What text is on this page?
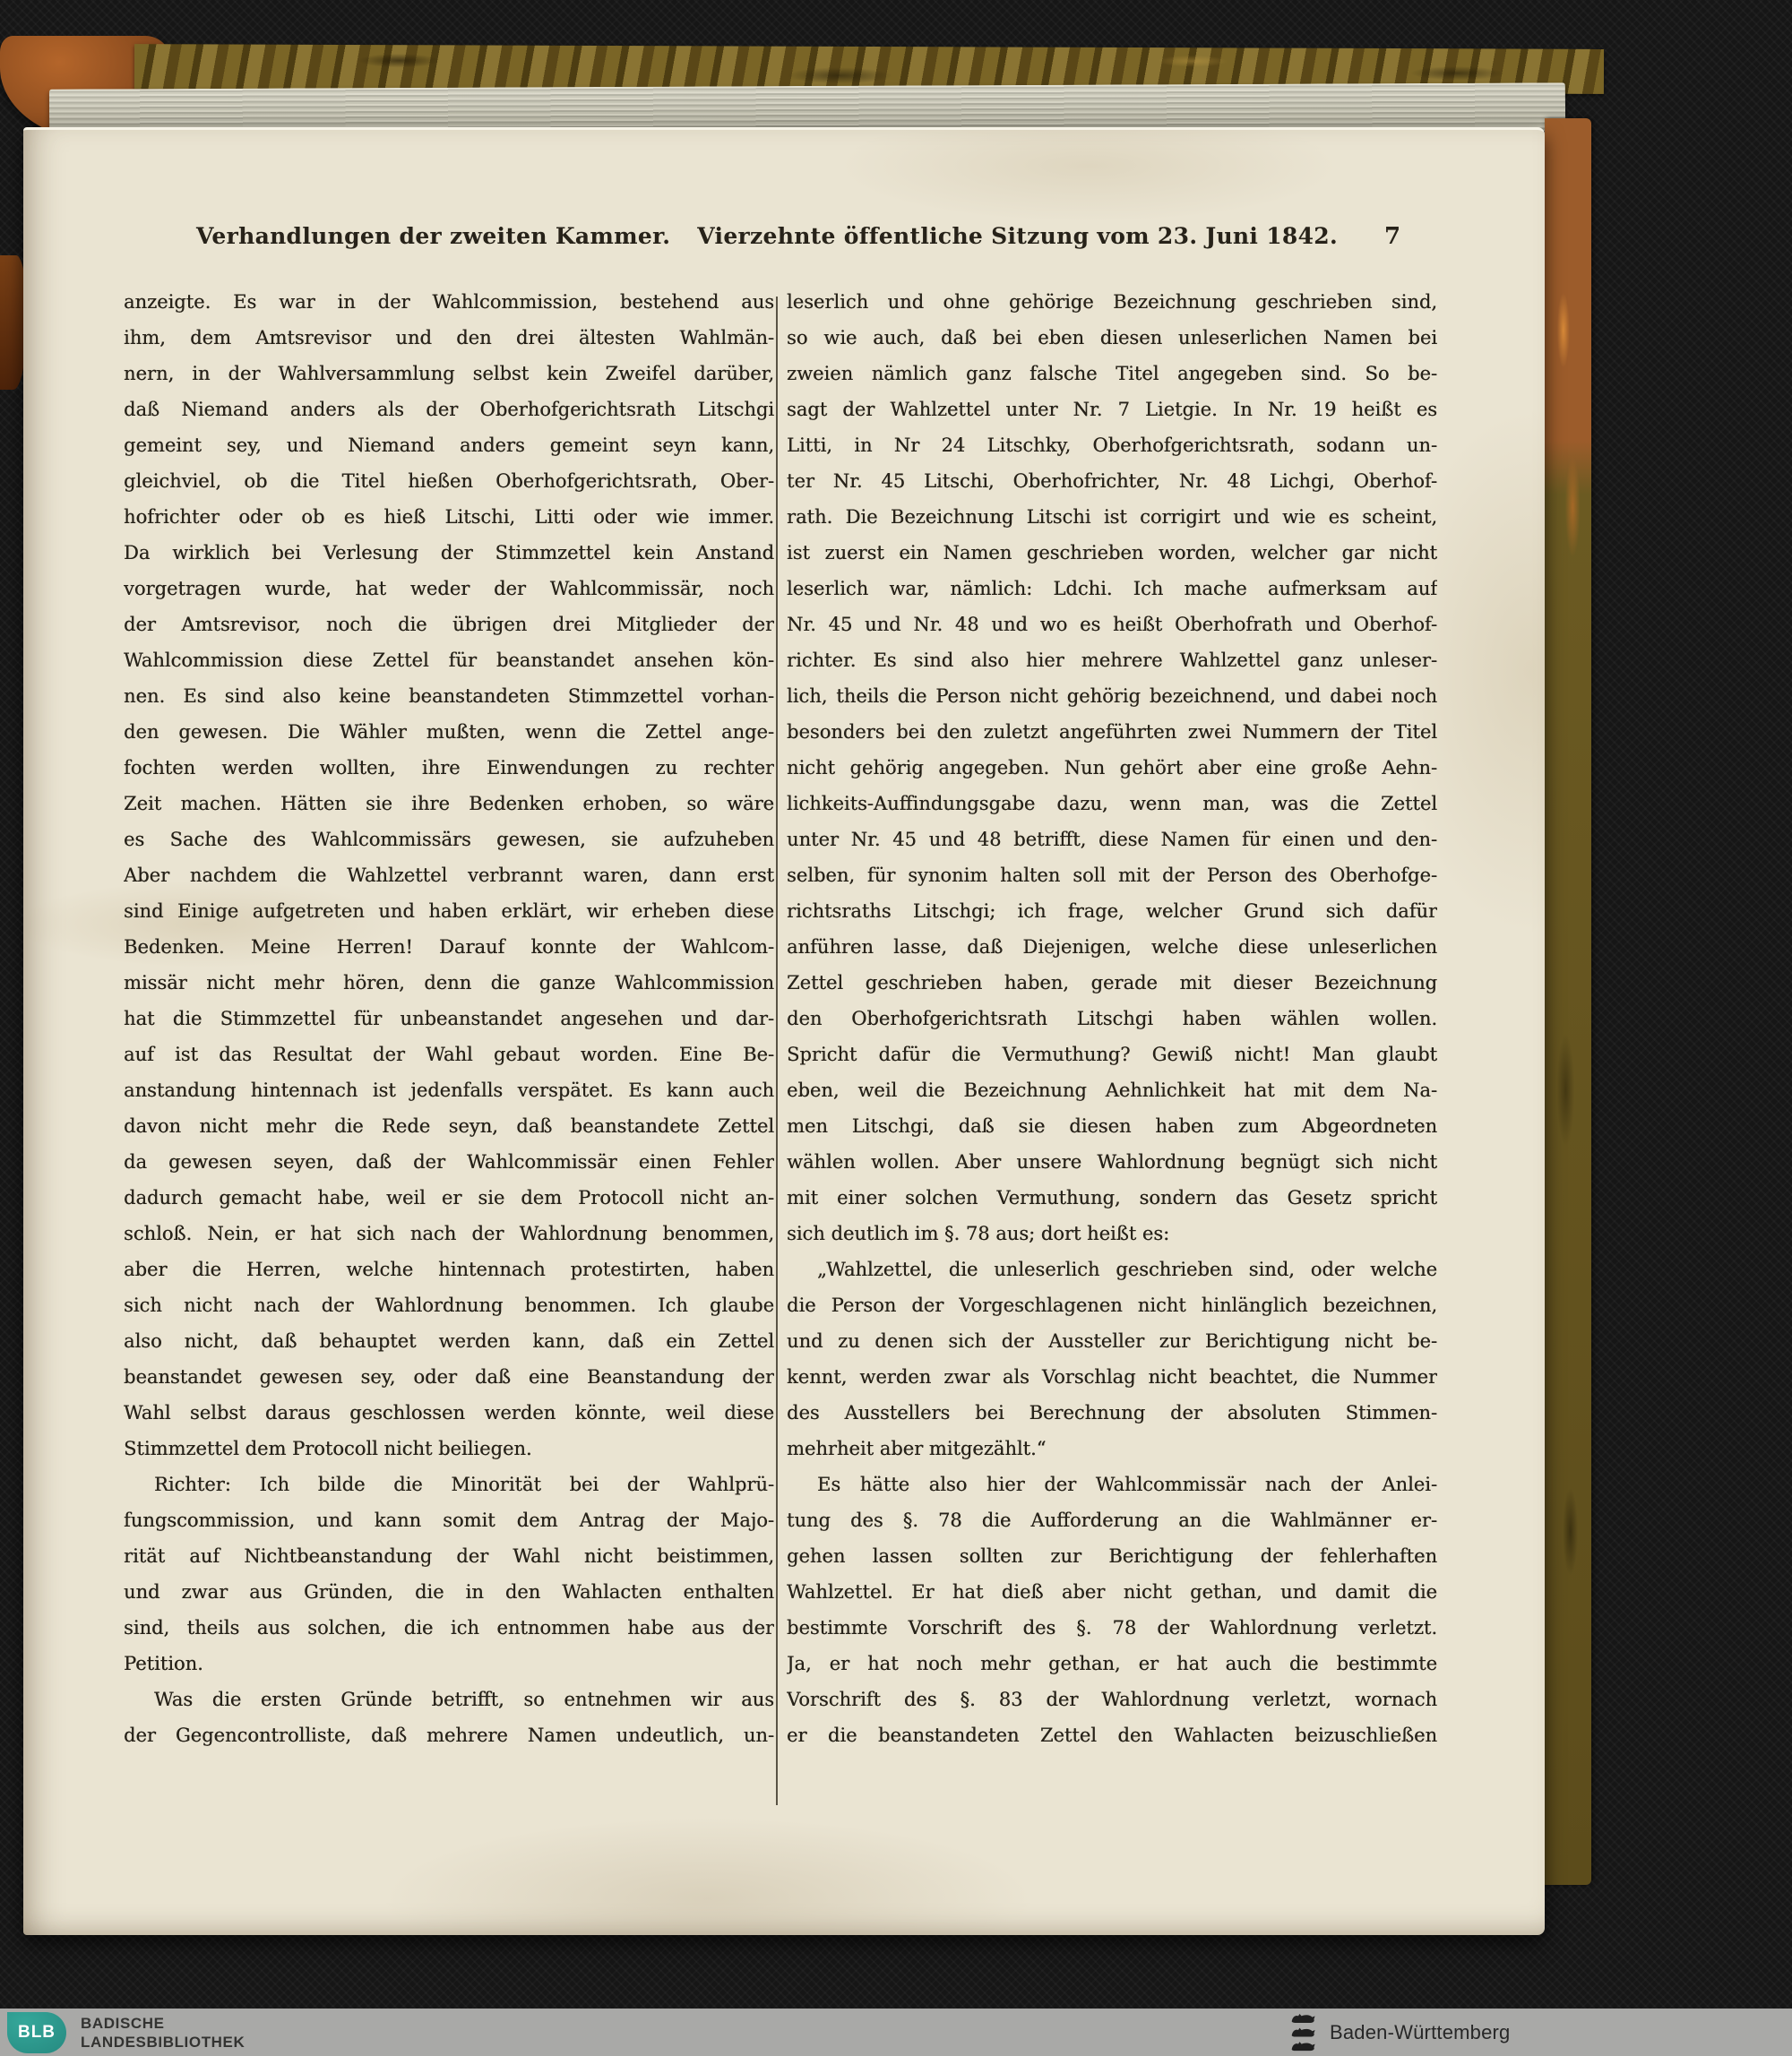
Verhandlungen der zweiten Kammer. Vierzehnte öffentliche Sitzung vom 23. Juni 1842.	7
anzeigte. Es war in der Wahlcommission, bestehend aus
ihm, dem Amtsrevisor und den drei ältesten Wahlmän-
nern, in der Wahlversammlung selbst kein Zweifel darüber,
daß Niemand anders als der Oberhofgerichtsrath Litschgi
gemeint sey, und Niemand anders gemeint seyn kann,
gleichviel, ob die Titel hießen Oberhofgerichtsrath, Ober-
hofrichter oder ob es hieß Litschi, Litti oder wie immer.
Da wirklich bei Verlesung der Stimmzettel kein Anstand
vorgetragen wurde, hat weder der Wahlcommissär, noch
der Amtsrevisor, noch die übrigen drei Mitglieder der
Wahlcommission diese Zettel für beanstandet ansehen kön-
nen. Es sind also keine beanstandeten Stimmzettel vorhan-
den gewesen. Die Wähler mußten, wenn die Zettel ange-
fochten werden wollten, ihre Einwendungen zu rechter
Zeit machen. Hätten sie ihre Bedenken erhoben, so wäre
es Sache des Wahlcommissärs gewesen, sie aufzuheben
Aber nachdem die Wahlzettel verbrannt waren, dann erst
sind Einige aufgetreten und haben erklärt, wir erheben diese
Bedenken. Meine Herren! Darauf konnte der Wahlcom-
missär nicht mehr hören, denn die ganze Wahlcommission
hat die Stimmzettel für unbeanstandet angesehen und dar-
auf ist das Resultat der Wahl gebaut worden. Eine Be-
anstandung hintennach ist jedenfalls verspätet. Es kann auch
davon nicht mehr die Rede seyn, daß beanstandete Zettel
da gewesen seyen, daß der Wahlcommissär einen Fehler
dadurch gemacht habe, weil er sie dem Protocoll nicht an-
schloß. Nein, er hat sich nach der Wahlordnung benommen,
aber die Herren, welche hintennach protestirten, haben
sich nicht nach der Wahlordnung benommen. Ich glaube
also nicht, daß behauptet werden kann, daß ein Zettel
beanstandet gewesen sey, oder daß eine Beanstandung der
Wahl selbst daraus geschlossen werden könnte, weil diese
Stimmzettel dem Protocoll nicht beiliegen.
Richter: Ich bilde die Minorität bei der Wahlprü-
fungscommission, und kann somit dem Antrag der Majo-
rität auf Nichtbeanstandung der Wahl nicht beistimmen,
und zwar aus Gründen, die in den Wahlacten enthalten
sind, theils aus solchen, die ich entnommen habe aus der
Petition.
Was die ersten Gründe betrifft, so entnehmen wir aus
der Gegencontrolliste, daß mehrere Namen undeutlich, un-
leserlich und ohne gehörige Bezeichnung geschrieben sind,
so wie auch, daß bei eben diesen unleserlichen Namen bei
zweien nämlich ganz falsche Titel angegeben sind. So be-
sagt der Wahlzettel unter Nr. 7 Lietgie. In Nr. 19 heißt es
Litti, in Nr 24 Litschky, Oberhofgerichtsrath, sodann un-
ter Nr. 45 Litschi, Oberhofrichter, Nr. 48 Lichgi, Oberhof-
rath. Die Bezeichnung Litschi ist corrigirt und wie es scheint,
ist zuerst ein Namen geschrieben worden, welcher gar nicht
leserlich war, nämlich: Ldchi. Ich mache aufmerksam auf
Nr. 45 und Nr. 48 und wo es heißt Oberhofrath und Oberhof-
richter. Es sind also hier mehrere Wahlzettel ganz unleser-
lich, theils die Person nicht gehörig bezeichnend, und dabei noch
besonders bei den zuletzt angeführten zwei Nummern der Titel
nicht gehörig angegeben. Nun gehört aber eine große Aehn-
lichkeits-Auffindungsgabe dazu, wenn man, was die Zettel
unter Nr. 45 und 48 betrifft, diese Namen für einen und den-
selben, für synonim halten soll mit der Person des Oberhofge-
richtsraths Litschgi; ich frage, welcher Grund sich dafür
anführen lasse, daß Diejenigen, welche diese unleserlichen
Zettel geschrieben haben, gerade mit dieser Bezeichnung
den Oberhofgerichtsrath Litschgi haben wählen wollen.
Spricht dafür die Vermuthung? Gewiß nicht! Man glaubt
eben, weil die Bezeichnung Aehnlichkeit hat mit dem Na-
men Litschgi, daß sie diesen haben zum Abgeordneten
wählen wollen. Aber unsere Wahlordnung begnügt sich nicht
mit einer solchen Vermuthung, sondern das Gesetz spricht
sich deutlich im §. 78 aus; dort heißt es:
„Wahlzettel, die unleserlich geschrieben sind, oder welche
die Person der Vorgeschlagenen nicht hinlänglich bezeichnen,
und zu denen sich der Aussteller zur Berichtigung nicht be-
kennt, werden zwar als Vorschlag nicht beachtet, die Nummer
des Ausstellers bei Berechnung der absoluten Stimmen-
mehrheit aber mitgezählt.“
Es hätte also hier der Wahlcommissär nach der Anlei-
tung des §. 78 die Aufforderung an die Wahlmänner er-
gehen lassen sollten zur Berichtigung der fehlerhaften
Wahlzettel. Er hat dieß aber nicht gethan, und damit die
bestimmte Vorschrift des §. 78 der Wahlordnung verletzt.
Ja, er hat noch mehr gethan, er hat auch die bestimmte
Vorschrift des §. 83 der Wahlordnung verletzt, wornach
er die beanstandeten Zettel den Wahlacten beizuschließen
BLB BADISCHE
LANDESBIBLIOTHEK	Baden-Württemberg
